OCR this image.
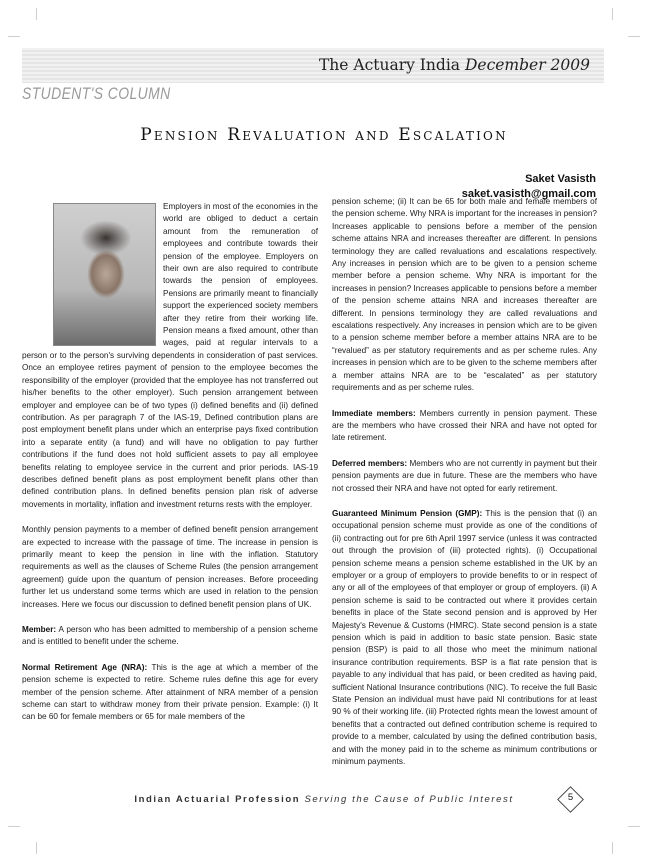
The Actuary India December 2009
STUDENT'S COLUMN
Pension Revaluation and Escalation
Saket Vasisth
saket.vasisth@gmail.com

Employers in most of the economies in the world are obliged to deduct a certain amount from the remuneration of employees and contribute towards their pension of the employee. Employers on their own are also required to contribute towards the pension of employees. Pensions are primarily meant to financially support the experienced society members after they retire from their working life. Pension means a fixed amount, other than wages, paid at regular intervals to a person or to the person's surviving dependents in consideration of past services. Once an employee retires payment of pension to the employee becomes the responsibility of the employer (provided that the employee has not transferred out his/her benefits to the other employer). Such pension arrangement between employer and employee can be of two types (i) defined benefits and (ii) defined contribution. As per paragraph 7 of the IAS-19, Defined contribution plans are post employment benefit plans under which an enterprise pays fixed contribution into a separate entity (a fund) and will have no obligation to pay further contributions if the fund does not hold sufficient assets to pay all employee benefits relating to employee service in the current and prior periods. IAS-19 describes defined benefit plans as post employment benefit plans other than defined contribution plans. In defined benefits pension plan risk of adverse movements in mortality, inflation and investment returns rests with the employer.

Monthly pension payments to a member of defined benefit pension arrangement are expected to increase with the passage of time. The increase in pension is primarily meant to keep the pension in line with the inflation. Statutory requirements as well as the clauses of Scheme Rules (the pension arrangement agreement) guide upon the quantum of pension increases. Before proceeding further let us understand some terms which are used in relation to the pension increases. Here we focus our discussion to defined benefit pension plans of UK.

Member: A person who has been admitted to membership of a pension scheme and is entitled to benefit under the scheme.

Normal Retirement Age (NRA): This is the age at which a member of the pension scheme is expected to retire. Scheme rules define this age for every member of the pension scheme. After attainment of NRA member of a pension scheme can start to withdraw money from their private pension. Example: (i) It can be 60 for female members or 65 for male members of the

pension scheme; (ii) It can be 65 for both male and female members of the pension scheme. Why NRA is important for the increases in pension? Increases applicable to pensions before a member of the pension scheme attains NRA and increases thereafter are different. In pensions terminology they are called revaluations and escalations respectively. Any increases in pension which are to be given to a pension scheme member before a pension scheme. Why NRA is important for the increases in pension? Increases applicable to pensions before a member of the pension scheme attains NRA and increases thereafter are different. In pensions terminology they are called revaluations and escalations respectively. Any increases in pension which are to be given to a pension scheme member before a member attains NRA are to be “revalued” as per statutory requirements and as per scheme rules. Any increases in pension which are to be given to the scheme members after a member attains NRA are to be “escalated” as per statutory requirements and as per scheme rules.

Immediate members: Members currently in pension payment. These are the members who have crossed their NRA and have not opted for late retirement.

Deferred members: Members who are not currently in payment but their pension payments are due in future. These are the members who have not crossed their NRA and have not opted for early retirement.

Guaranteed Minimum Pension (GMP): This is the pension that (i) an occupational pension scheme must provide as one of the conditions of (ii) contracting out for pre 6th April 1997 service (unless it was contracted out through the provision of (iii) protected rights). (i) Occupational pension scheme means a pension scheme established in the UK by an employer or a group of employers to provide benefits to or in respect of any or all of the employees of that employer or group of employers. (ii) A pension scheme is said to be contracted out where it provides certain benefits in place of the State second pension and is approved by Her Majesty's Revenue & Customs (HMRC). State second pension is a state pension which is paid in addition to basic state pension. Basic state pension (BSP) is paid to all those who meet the minimum national insurance contribution requirements. BSP is a flat rate pension that is payable to any individual that has paid, or been credited as having paid, sufficient National Insurance contributions (NIC). To receive the full Basic State Pension an individual must have paid NI contributions for at least 90 % of their working life. (iii) Protected rights mean the lowest amount of benefits that a contracted out defined contribution scheme is required to provide to a member, calculated by using the defined contribution basis, and with the money paid in to the scheme as minimum contributions or minimum payments.

Indian Actuarial Profession Serving the Cause of Public Interest	5
